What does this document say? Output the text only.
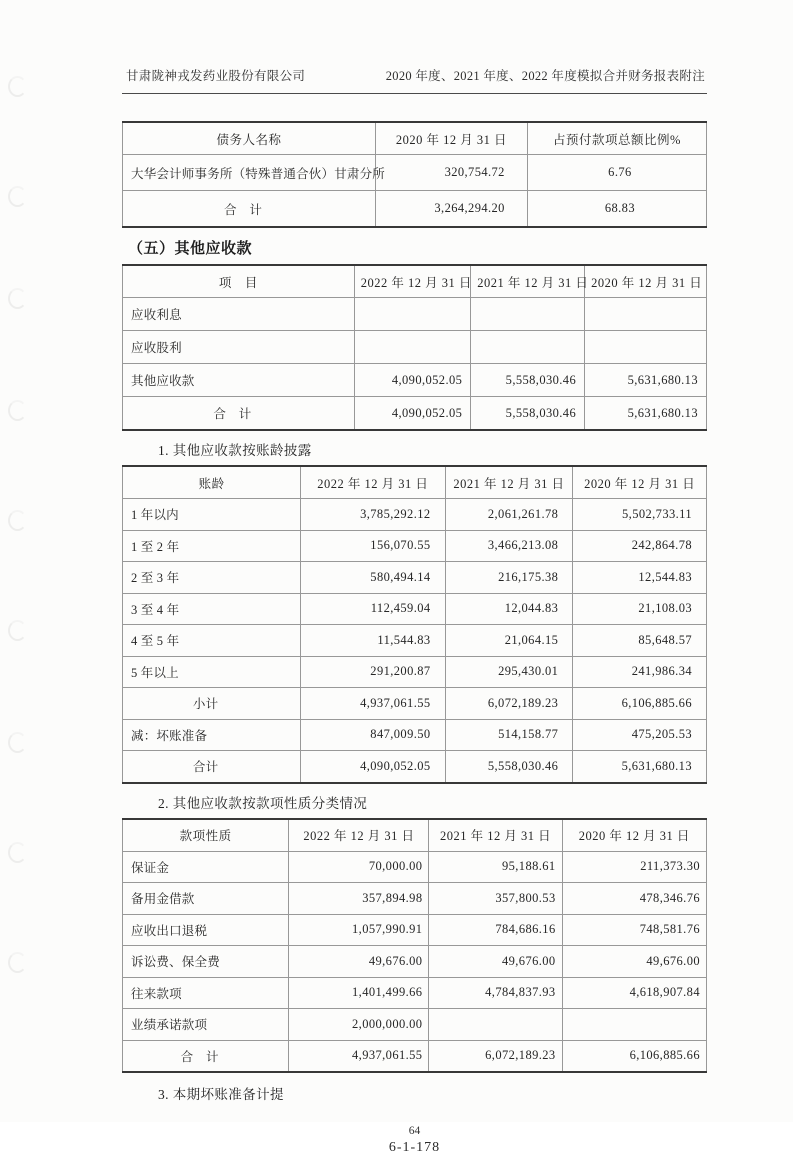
甘肃陇神戎发药业股份有限公司	2020 年度、2021 年度、2022 年度模拟合并财务报表附注
债务人名称	2020 年 12 月 31 日	占预付款项总额比例%
大华会计师事务所（特殊普通合伙）甘肃分所	320,754.72	6.76
合　计	3,264,294.20	68.83
（五）其他应收款
项　目	2022 年 12 月 31 日	2021 年 12 月 31 日	2020 年 12 月 31 日
应收利息			
应收股利			
其他应收款	4,090,052.05	5,558,030.46	5,631,680.13
合　计	4,090,052.05	5,558,030.46	5,631,680.13
1. 其他应收款按账龄披露
账龄	2022 年 12 月 31 日	2021 年 12 月 31 日	2020 年 12 月 31 日
1 年以内	3,785,292.12	2,061,261.78	5,502,733.11
1 至 2 年	156,070.55	3,466,213.08	242,864.78
2 至 3 年	580,494.14	216,175.38	12,544.83
3 至 4 年	112,459.04	12,044.83	21,108.03
4 至 5 年	11,544.83	21,064.15	85,648.57
5 年以上	291,200.87	295,430.01	241,986.34
小计	4,937,061.55	6,072,189.23	6,106,885.66
减：坏账准备	847,009.50	514,158.77	475,205.53
合计	4,090,052.05	5,558,030.46	5,631,680.13
2. 其他应收款按款项性质分类情况
款项性质	2022 年 12 月 31 日	2021 年 12 月 31 日	2020 年 12 月 31 日
保证金	70,000.00	95,188.61	211,373.30
备用金借款	357,894.98	357,800.53	478,346.76
应收出口退税	1,057,990.91	784,686.16	748,581.76
诉讼费、保全费	49,676.00	49,676.00	49,676.00
往来款项	1,401,499.66	4,784,837.93	4,618,907.84
业绩承诺款项	2,000,000.00		
合　计	4,937,061.55	6,072,189.23	6,106,885.66
3. 本期坏账准备计提
64
6-1-178
